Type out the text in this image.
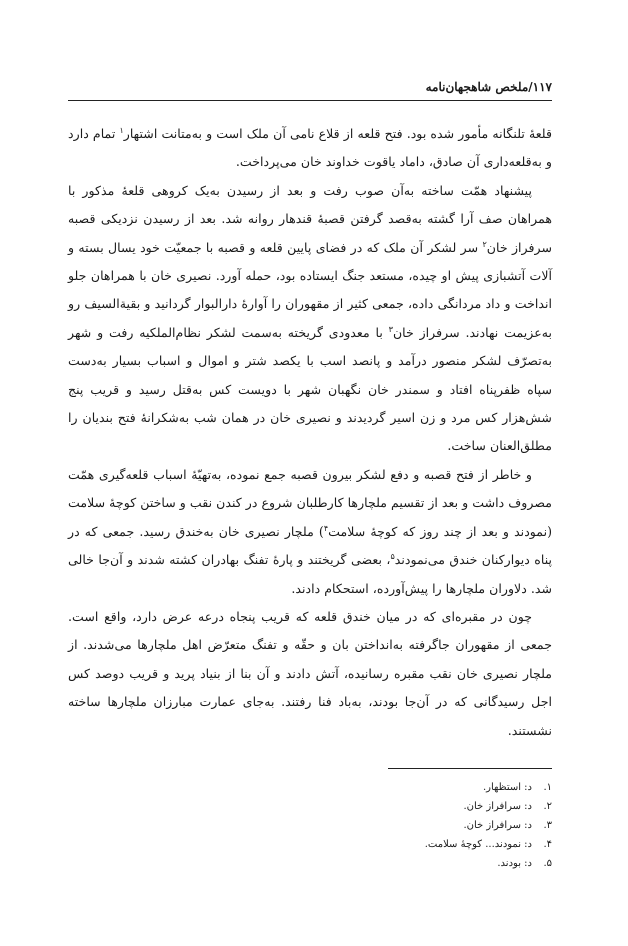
۱۱۷/ملخص شاهجهان‌نامه

قلعهٔ تلنگانه مأمور شده بود. فتح قلعه از قلاع نامی آن ملک است و به‌متانت اشتهار$^۱$ تمام دارد و به‌قلعه‌داری آن صادق، داماد یاقوت خداوند خان می‌پرداخت.

پیشنهاد همّت ساخته به‌آن صوب رفت و بعد از رسیدن به‌یک کروهی قلعهٔ مذکور با همراهان صف آرا گشته به‌قصد گرفتن قصبهٔ قندهار روانه شد. بعد از رسیدن نزدیکی قصبه سرفراز خان$^۲$ سر لشکر آن ملک که در فضای پایین قلعه و قصبه با جمعیّت خود یسال بسته و آلات آتشبازی پیش او چیده، مستعد جنگ ایستاده بود، حمله آورد. نصیری خان با همراهان جلو انداخت و داد مردانگی داده، جمعی کثیر از مقهوران را آوارهٔ دارالبوار گردانید و بقیةالسیف رو به‌عزیمت نهادند. سرفراز خان$^۳$ با معدودی گریخته به‌سمت لشکر نظام‌الملکیه رفت و شهر به‌تصرّف لشکر منصور درآمد و پانصد اسب با یکصد شتر و اموال و اسباب بسیار به‌دست سپاه ظفرپناه افتاد و سمندر خان نگهبان شهر با دویست کس به‌قتل رسید و قریب پنج شش‌هزار کس مرد و زن اسیر گردیدند و نصیری خان در همان شب به‌شکرانهٔ فتح بندیان را مطلق‌العنان ساخت.

و خاطر از فتح قصبه و دفع لشکر بیرون قصبه جمع نموده، به‌تهیّهٔ اسباب قلعه‌گیری همّت مصروف داشت و بعد از تقسیم ملچارها کارطلبان شروع در کندن نقب و ساختن کوچهٔ سلامت (نمودند و بعد از چند روز که کوچهٔ سلامت$^۴$) ملچار نصیری خان به‌خندق رسید. جمعی که در پناه دیوارکنان خندق می‌نمودند$^۵$، بعضی گریختند و پارهٔ تفنگ بهادران کشته شدند و آن‌جا خالی شد. دلاوران ملچارها را پیش‌آورده، استحکام دادند.

چون در مقبره‌ای که در میان خندق قلعه که قریب پنجاه درعه عرض دارد، واقع است. جمعی از مقهوران جاگرفته به‌انداختن بان و حقّه و تفنگ متعرّض اهل ملچارها می‌شدند. از ملچار نصیری خان نقب مقبره رسانیده، آتش دادند و آن بنا از بنیاد پرید و قریب دوصد کس اجل رسیدگانی که در آن‌جا بودند، به‌باد فنا رفتند. به‌جای عمارت مبارزان ملچارها ساخته نشستند.

۱.
د: استظهار.
۲.
د: سرافراز خان.
۳.
د: سرافراز خان.
۴.
د: نمودند... کوچهٔ سلامت.
۵.
د: بودند.
